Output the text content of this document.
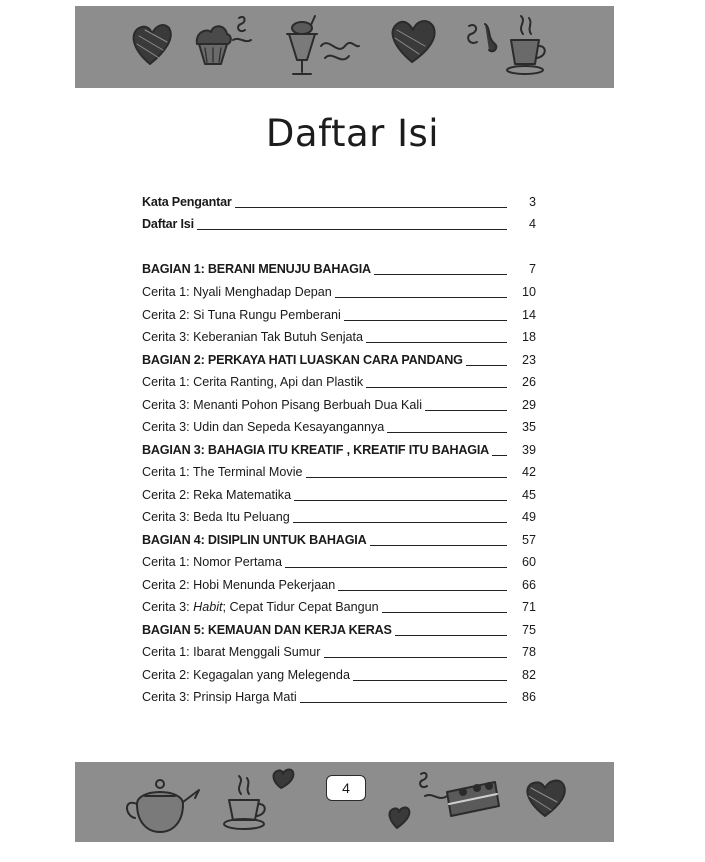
Daftar Isi
Kata Pengantar	3
Daftar Isi	4
BAGIAN 1: BERANI MENUJU BAHAGIA	7
Cerita 1: Nyali Menghadap Depan	10
Cerita 2: Si Tuna Rungu Pemberani	14
Cerita 3: Keberanian Tak Butuh Senjata	18
BAGIAN 2: PERKAYA HATI LUASKAN CARA PANDANG	23
Cerita 1: Cerita Ranting, Api dan Plastik	26
Cerita 3: Menanti Pohon Pisang Berbuah Dua Kali	29
Cerita 3: Udin dan Sepeda Kesayangannya	35
BAGIAN 3: BAHAGIA ITU KREATIF , KREATIF ITU BAHAGIA	39
Cerita 1: The Terminal Movie	42
Cerita 2: Reka Matematika	45
Cerita 3: Beda Itu Peluang	49
BAGIAN 4: DISIPLIN UNTUK BAHAGIA	57
Cerita 1: Nomor Pertama	60
Cerita 2: Hobi Menunda Pekerjaan	66
Cerita 3: Habit; Cepat Tidur Cepat Bangun	71
BAGIAN 5: KEMAUAN DAN KERJA KERAS	75
Cerita 1: Ibarat Menggali Sumur	78
Cerita 2: Kegagalan yang Melegenda	82
Cerita 3: Prinsip Harga Mati	86
4
